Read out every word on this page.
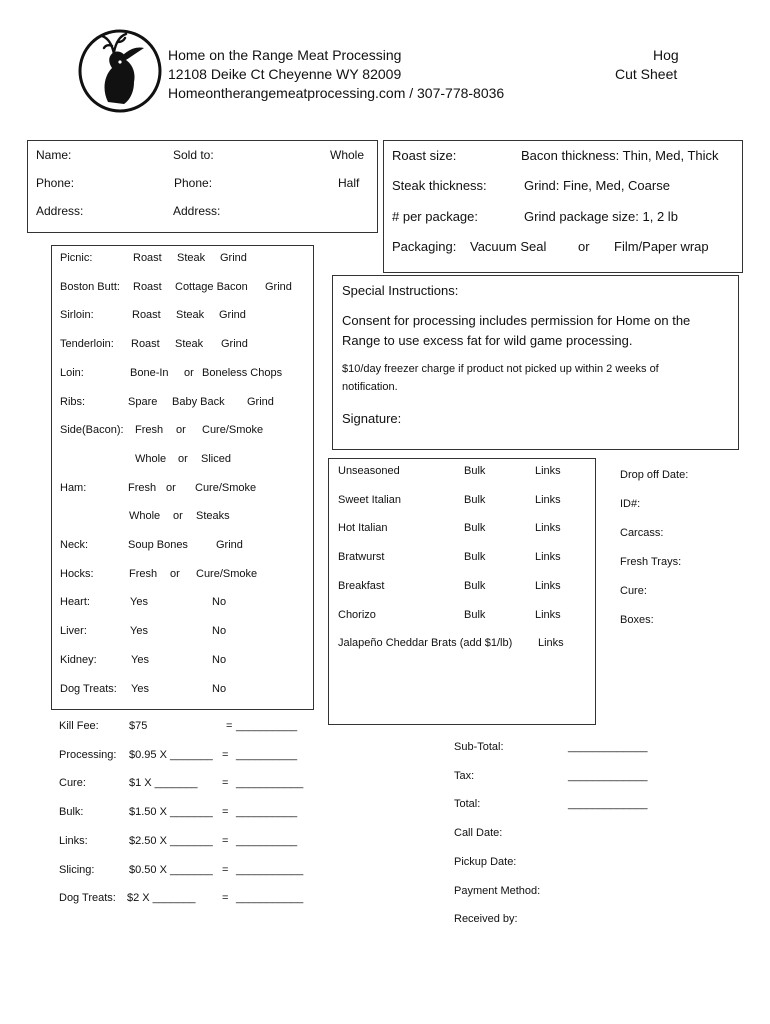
Home on the Range Meat Processing
12108 Deike Ct Cheyenne WY 82009
Homeontherangemeatprocessing.com / 307-778-8036
Hog
Cut Sheet
Name:	Sold to:	Whole
Phone:	Phone:	Half
Address:	Address:
Roast size:	Bacon thickness: Thin, Med, Thick
Steak thickness:	Grind: Fine, Med, Coarse
# per package:	Grind package size: 1, 2 lb
Packaging: Vacuum Seal or Film/Paper wrap
Picnic:	Roast Steak Grind
Boston Butt: Roast Cottage Bacon Grind
Sirloin:	Roast Steak Grind
Tenderloin: Roast Steak Grind
Loin:	Bone-In or Boneless Chops
Ribs:	Spare Baby Back Grind
Side(Bacon): Fresh or Cure/Smoke
Whole or Sliced
Ham:	Fresh or Cure/Smoke
Whole or Steaks
Neck:	Soup Bones	Grind
Hocks:	Fresh or Cure/Smoke
Heart:	Yes	No
Liver:	Yes	No
Kidney:	Yes	No
Dog Treats: Yes	No
Special Instructions:
Consent for processing includes permission for Home on the
Range to use excess fat for wild game processing.
$10/day freezer charge if product not picked up within 2 weeks of
notification.
Signature:
Unseasoned	Bulk	Links
Sweet Italian	Bulk	Links
Hot Italian	Bulk	Links
Bratwurst	Bulk	Links
Breakfast	Bulk	Links
Chorizo	Bulk	Links
Jalapeño Cheddar Brats (add $1/lb) Links
Drop off Date:
ID#:
Carcass:
Fresh Trays:
Cure:
Boxes:
Kill Fee:	$75	= __________
Processing: $0.95 X _______ = __________
Cure:	$1 X _______ = ___________
Bulk:	$1.50 X _______ = __________
Links:	$2.50 X _______ = __________
Slicing:	$0.50 X _______ = ___________
Dog Treats: $2 X _______ = ___________
Sub-Total:	_____________
Tax:	_____________
Total:	_____________
Call Date:
Pickup Date:
Payment Method:
Received by:
